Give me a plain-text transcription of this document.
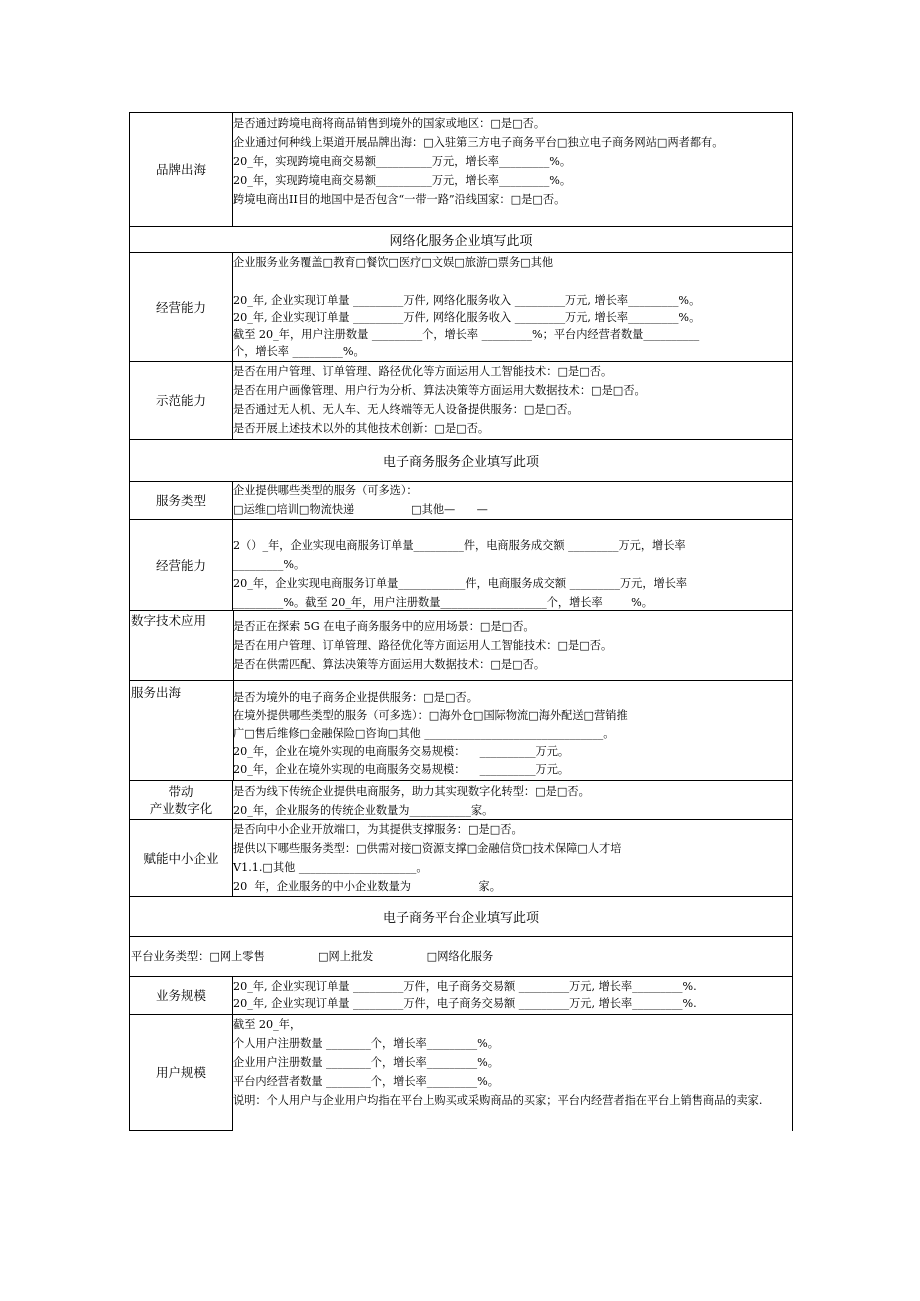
品牌出海
是否通过跨境电商将商品销售到境外的国家或地区：□是□否。
企业通过何种线上渠道开展品牌出海：□入驻第三方电子商务平台□独立电子商务网站□两者都有。
20_年，实现跨境电商交易额__________万元，增长率_________%。
20_年，实现跨境电商交易额__________万元，增长率_________%。
跨境电商出II目的地国中是否包含“一带一路”沿线国家：□是□否。
网络化服务企业填写此项
经营能力
企业服务业务覆盖□教育□餐饮□医疗□文娱□旅游□票务□其他
20_年, 企业实现订单量 _________万件, 网络化服务收入 _________万元, 增长率_________%。
20_年, 企业实现订单量 _________万件, 网络化服务收入 _________万元, 增长率_________%。
截至 20_年，用户注册数量 _________个，增长率 _________%；平台内经营者数量__________
个，增长率 _________%。
示范能力
是否在用户管理、订单管理、路径优化等方面运用人工智能技术：□是□否。
是否在用户画像管理、用户行为分析、算法决策等方面运用大数据技术：□是□否。
是否通过无人机、无人车、无人终端等无人设备提供服务：□是□否。
是否开展上述技术以外的其他技术创新：□是□否。
电子商务服务企业填写此项
服务类型
企业提供哪些类型的服务（可多选）：
□运维□培训□物流快递                □其他—      —
经营能力
2（）_年，企业实现电商服务订单量_________件，电商服务成交额 _________万元，增长率
_________%。
20_年，企业实现电商服务订单量____________件，电商服务成交额 _________万元，增长率
_________%。截至 20_年，用户注册数量___________________个，增长率        %。
数字技术应用	是否正在探索 5G 在电子商务服务中的应用场景：□是□否。
是否在用户管理、订单管理、路径优化等方面运用人工智能技术：□是□否。
是否在供需匹配、算法决策等方面运用大数据技术：□是□否。
服务出海	是否为境外的电子商务企业提供服务：□是□否。
在境外提供哪些类型的服务（可多选）：□海外仓□国际物流□海外配送□营销推
广□售后维修□金融保险□咨询□其他 ________________________________。
20_年，企业在境外实现的电商服务交易规模：    __________万元。
20_年，企业在境外实现的电商服务交易规模：    __________万元。
带动
产业数字化
是否为线下传统企业提供电商服务，助力其实现数字化转型：□是□否。
20_年，企业服务的传统企业数量为___________家。
赋能中小企业
是否向中小企业开放端口，为其提供支撑服务：□是□否。
提供以下哪些服务类型：□供需对接□资源支撑□金融信贷□技术保障□人才培
V1.1.□其他 _____________________。
20  年，企业服务的中小企业数量为                   家。
电子商务平台企业填写此项
平台业务类型：□网上零售               □网上批发               □网络化服务
业务规模
20_年, 企业实现订单量 _________万件，电子商务交易额 _________万元, 增长率_________%.
20_年, 企业实现订单量 _________万件，电子商务交易额 _________万元, 增长率_________%.
用户规模
截至 20_年，
个人用户注册数量 ________个，增长率_________%。
企业用户注册数量 ________个，增长率_________%。
平台内经营者数量 ________个，增长率_________%。
说明：个人用户与企业用户均指在平台上购买或采购商品的买家；平台内经营者指在平台上销售商品的卖家.
